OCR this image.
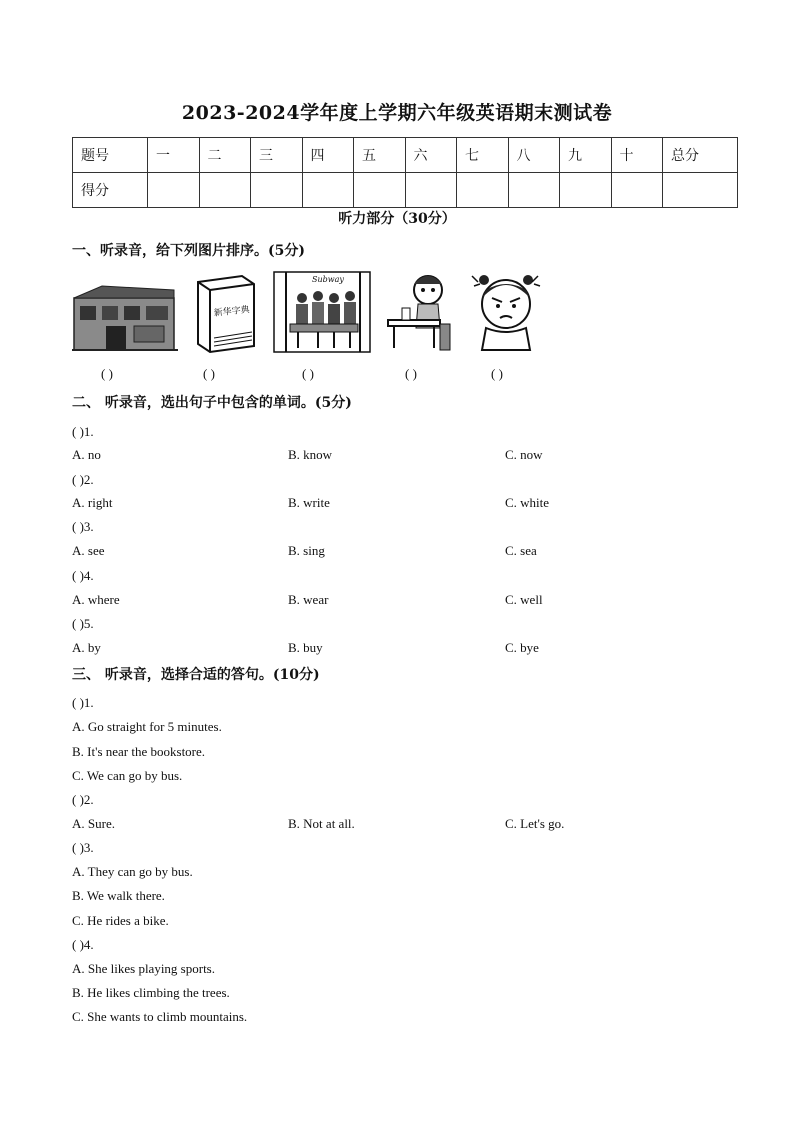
2023-2024学年度上学期六年级英语期末测试卷
题号	一	二	三	四	五	六	七	八	九	十	总分
得分											
听力部分（30分）
一、听录音，给下列图片排序。(5分)
新华字典
Subway
( )	( )	( )	( )	( )
二、 听录音，选出句子中包含的单词。(5分)
( )1.
A. no	B. know	C. now
( )2.
A. right	B. write	C. white
( )3.
A. see	B. sing	C. sea
( )4.
A. where	B. wear	C. well
( )5.
A. by	B. buy	C. bye
三、 听录音，选择合适的答句。(10分)
( )1.
A. Go straight for 5 minutes.
B. It's near the bookstore.
C. We can go by bus.
( )2.
A. Sure.	B. Not at all.	C. Let's go.
( )3.
A. They can go by bus.
B. We walk there.
C. He rides a bike.
( )4.
A. She likes playing sports.
B. He likes climbing the trees.
C. She wants to climb mountains.
